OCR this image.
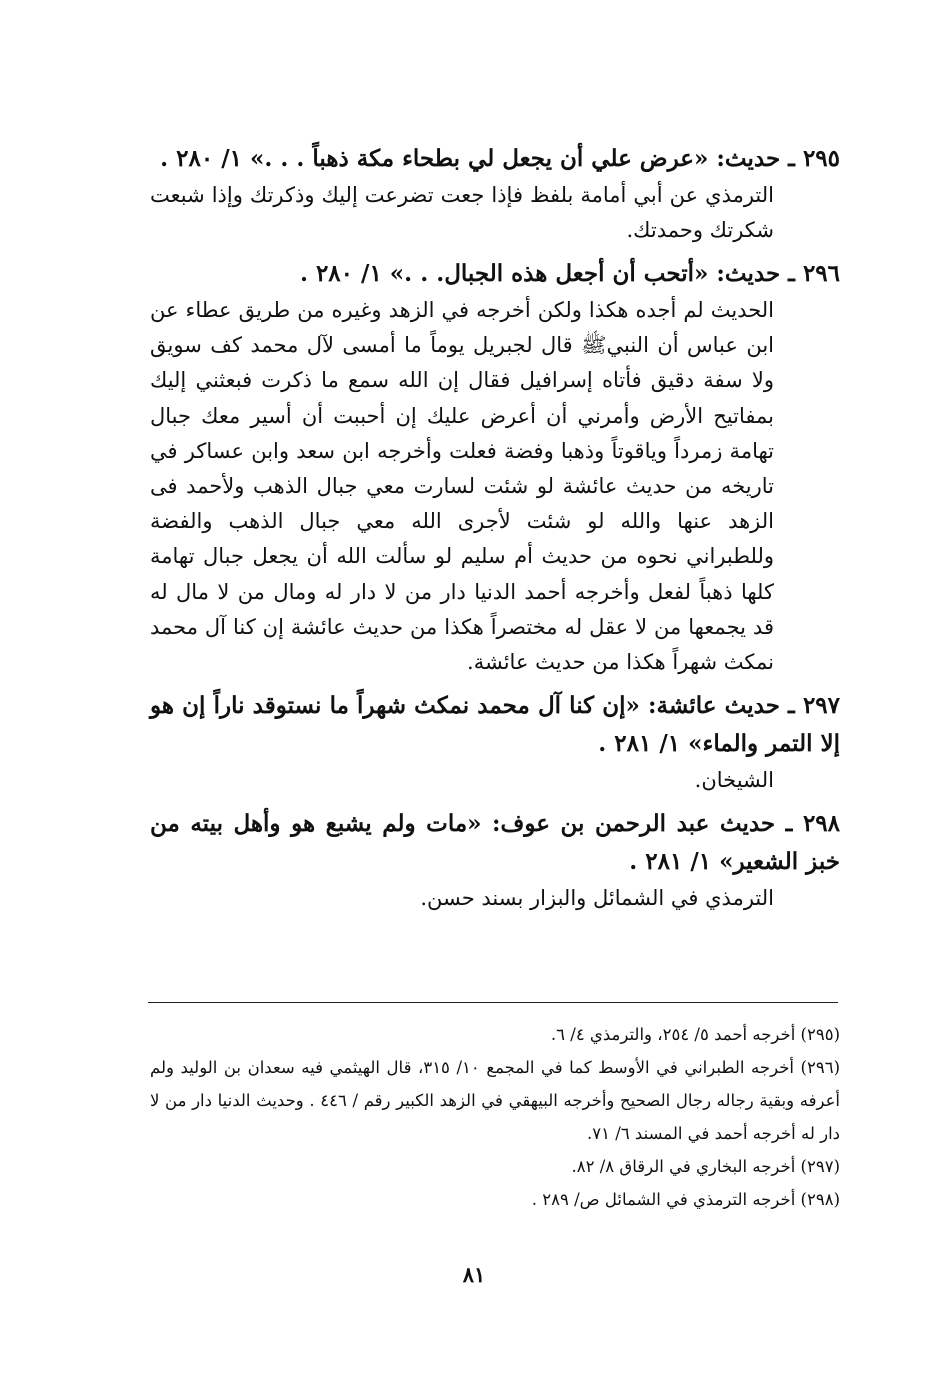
٢٩٥ ـ حديث: «عرض علي أن يجعل لي بطحاء مكة ذهباً . . .» ١/ ٢٨٠ .

الترمذي عن أبي أمامة بلفظ فإذا جعت تضرعت إليك وذكرتك وإذا شبعت شكرتك وحمدتك.

٢٩٦ ـ حديث: «أتحب أن أجعل هذه الجبال. . .» ١/ ٢٨٠ .

الحديث لم أجده هكذا ولكن أخرجه في الزهد وغيره من طريق عطاء عن ابن عباس أن النبيﷺ قال لجبريل يوماً ما أمسى لآل محمد كف سويق ولا سفة دقيق فأتاه إسرافيل فقال إن الله سمع ما ذكرت فبعثني إليك بمفاتيح الأرض وأمرني أن أعرض عليك إن أحببت أن أسير معك جبال تهامة زمرداً وياقوتاً وذهبا وفضة فعلت وأخرجه ابن سعد وابن عساكر في تاريخه من حديث عائشة لو شئت لسارت معي جبال الذهب ولأحمد فى الزهد عنها والله لو شئت لأجرى الله معي جبال الذهب والفضة وللطبراني نحوه من حديث أم سليم لو سألت الله أن يجعل جبال تهامة كلها ذهباً لفعل وأخرجه أحمد الدنيا دار من لا دار له ومال من لا مال له قد يجمعها من لا عقل له مختصراً هكذا من حديث عائشة إن كنا آل محمد نمكث شهراً هكذا من حديث عائشة.

٢٩٧ ـ حديث عائشة: «إن كنا آل محمد نمكث شهراً ما نستوقد ناراً إن هو إلا التمر والماء» ١/ ٢٨١ .

الشيخان.

٢٩٨ ـ حديث عبد الرحمن بن عوف: «مات ولم يشبع هو وأهل بيته من خبز الشعير» ١/ ٢٨١ .

الترمذي في الشمائل والبزار بسند حسن.

(٢٩٥) أخرجه أحمد ٥/ ٢٥٤، والترمذي ٤/ ٦.

(٢٩٦) أخرجه الطبراني في الأوسط كما في المجمع ١٠/ ٣١٥، قال الهيثمي فيه سعدان بن الوليد ولم أعرفه وبقية رجاله رجال الصحيح وأخرجه البيهقي في الزهد الكبير رقم / ٤٤٦ . وحديث الدنيا دار من لا دار له أخرجه أحمد في المسند ٦/ ٧١.

(٢٩٧) أخرجه البخاري في الرقاق ٨/ ٨٢.

(٢٩٨) أخرجه الترمذي في الشمائل ص/ ٢٨٩ .

٨١
